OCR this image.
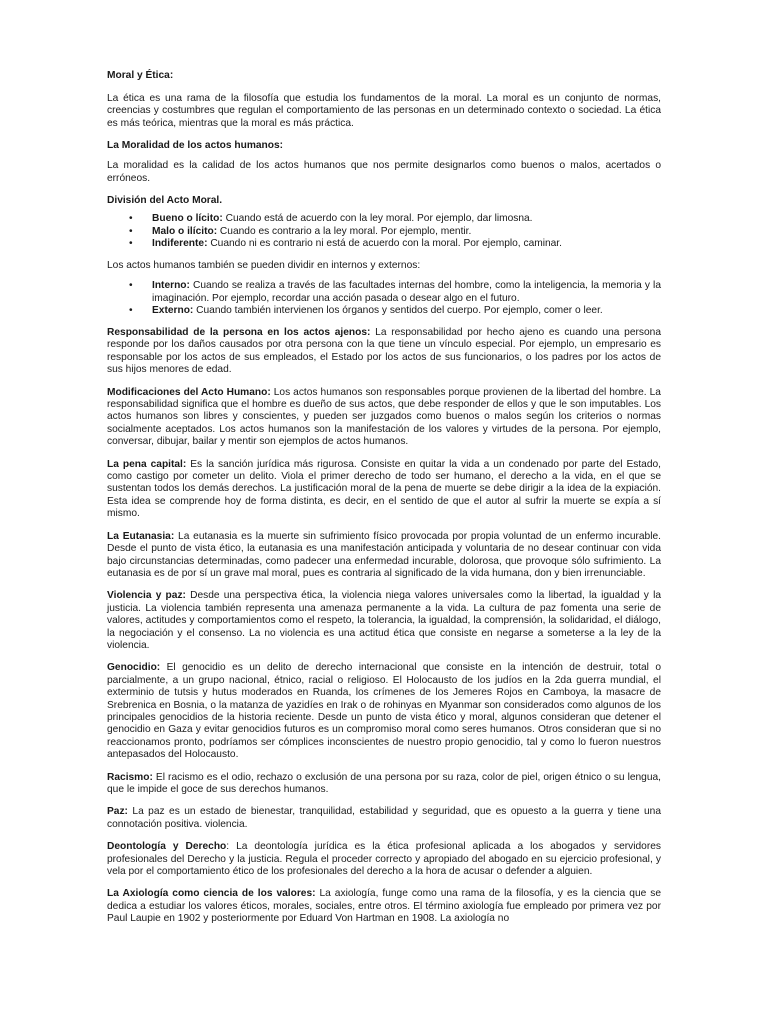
Moral y Ética:

La ética es una rama de la filosofía que estudia los fundamentos de la moral. La moral es un conjunto de normas, creencias y costumbres que regulan el comportamiento de las personas en un determinado contexto o sociedad. La ética es más teórica, mientras que la moral es más práctica.

La Moralidad de los actos humanos:

La moralidad es la calidad de los actos humanos que nos permite designarlos como buenos o malos, acertados o erróneos.

División del Acto Moral.
• Bueno o lícito: Cuando está de acuerdo con la ley moral. Por ejemplo, dar limosna.
• Malo o ilícito: Cuando es contrario a la ley moral. Por ejemplo, mentir.
• Indiferente: Cuando ni es contrario ni está de acuerdo con la moral. Por ejemplo, caminar.

Los actos humanos también se pueden dividir en internos y externos:

• Interno: Cuando se realiza a través de las facultades internas del hombre, como la inteligencia, la memoria y la imaginación. Por ejemplo, recordar una acción pasada o desear algo en el futuro.
• Externo: Cuando también intervienen los órganos y sentidos del cuerpo. Por ejemplo, comer o leer.

Responsabilidad de la persona en los actos ajenos: La responsabilidad por hecho ajeno es cuando una persona responde por los daños causados por otra persona con la que tiene un vínculo especial. Por ejemplo, un empresario es responsable por los actos de sus empleados, el Estado por los actos de sus funcionarios, o los padres por los actos de sus hijos menores de edad.

Modificaciones del Acto Humano: Los actos humanos son responsables porque provienen de la libertad del hombre. La responsabilidad significa que el hombre es dueño de sus actos, que debe responder de ellos y que le son imputables. Los actos humanos son libres y conscientes, y pueden ser juzgados como buenos o malos según los criterios o normas socialmente aceptados. Los actos humanos son la manifestación de los valores y virtudes de la persona. Por ejemplo, conversar, dibujar, bailar y mentir son ejemplos de actos humanos.

La pena capital: Es la sanción jurídica más rigurosa. Consiste en quitar la vida a un condenado por parte del Estado, como castigo por cometer un delito. Viola el primer derecho de todo ser humano, el derecho a la vida, en el que se sustentan todos los demás derechos. La justificación moral de la pena de muerte se debe dirigir a la idea de la expiación. Esta idea se comprende hoy de forma distinta, es decir, en el sentido de que el autor al sufrir la muerte se expía a sí mismo.

La Eutanasia: La eutanasia es la muerte sin sufrimiento físico provocada por propia voluntad de un enfermo incurable. Desde el punto de vista ético, la eutanasia es una manifestación anticipada y voluntaria de no desear continuar con vida bajo circunstancias determinadas, como padecer una enfermedad incurable, dolorosa, que provoque sólo sufrimiento. La eutanasia es de por sí un grave mal moral, pues es contraria al significado de la vida humana, don y bien irrenunciable.

Violencia y paz: Desde una perspectiva ética, la violencia niega valores universales como la libertad, la igualdad y la justicia. La violencia también representa una amenaza permanente a la vida. La cultura de paz fomenta una serie de valores, actitudes y comportamientos como el respeto, la tolerancia, la igualdad, la comprensión, la solidaridad, el diálogo, la negociación y el consenso. La no violencia es una actitud ética que consiste en negarse a someterse a la ley de la violencia.

Genocidio: El genocidio es un delito de derecho internacional que consiste en la intención de destruir, total o parcialmente, a un grupo nacional, étnico, racial o religioso. El Holocausto de los judíos en la 2da guerra mundial, el exterminio de tutsis y hutus moderados en Ruanda, los crímenes de los Jemeres Rojos en Camboya, la masacre de Srebrenica en Bosnia, o la matanza de yazidíes en Irak o de rohinyas en Myanmar son considerados como algunos de los principales genocidios de la historia reciente. Desde un punto de vista ético y moral, algunos consideran que detener el genocidio en Gaza y evitar genocidios futuros es un compromiso moral como seres humanos. Otros consideran que si no reaccionamos pronto, podríamos ser cómplices inconscientes de nuestro propio genocidio, tal y como lo fueron nuestros antepasados del Holocausto.

Racismo: El racismo es el odio, rechazo o exclusión de una persona por su raza, color de piel, origen étnico o su lengua, que le impide el goce de sus derechos humanos.

Paz: La paz es un estado de bienestar, tranquilidad, estabilidad y seguridad, que es opuesto a la guerra y tiene una connotación positiva. violencia.

Deontología y Derecho: La deontología jurídica es la ética profesional aplicada a los abogados y servidores profesionales del Derecho y la justicia. Regula el proceder correcto y apropiado del abogado en su ejercicio profesional, y vela por el comportamiento ético de los profesionales del derecho a la hora de acusar o defender a alguien.

La Axiología como ciencia de los valores: La axiología, funge como una rama de la filosofía, y es la ciencia que se dedica a estudiar los valores éticos, morales, sociales, entre otros. El término axiología fue empleado por primera vez por Paul Laupie en 1902 y posteriormente por Eduard Von Hartman en 1908. La axiología no
